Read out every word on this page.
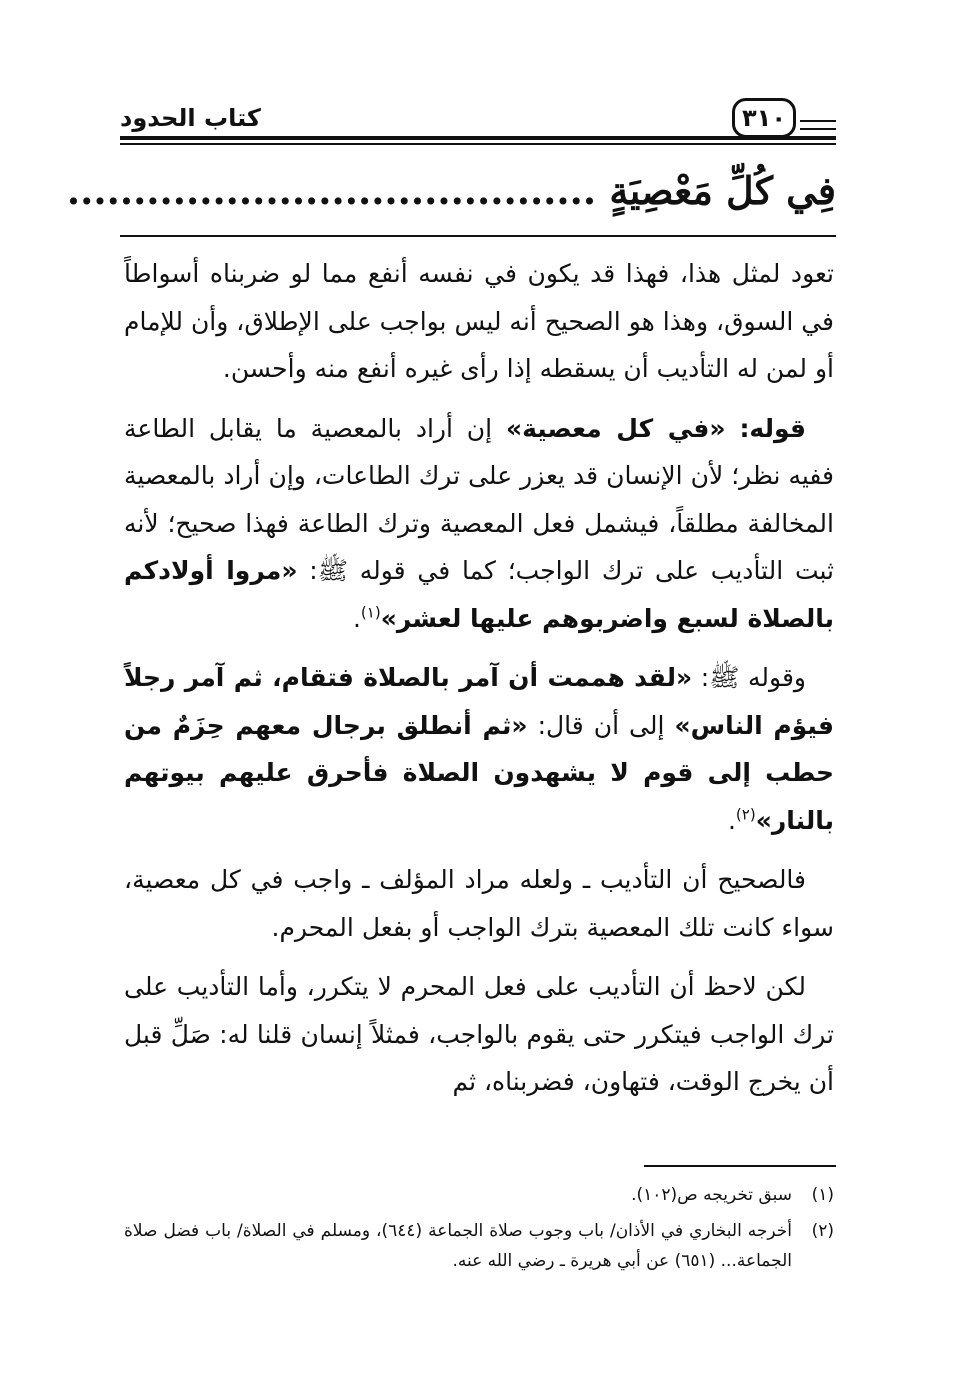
كتاب الحدود	٣١٠
فِي كُلِّ مَعْصِيَةٍ ........................................

تعود لمثل هذا، فهذا قد يكون في نفسه أنفع مما لو ضربناه أسواطاً في السوق، وهذا هو الصحيح أنه ليس بواجب على الإطلاق، وأن للإمام أو لمن له التأديب أن يسقطه إذا رأى غيره أنفع منه وأحسن.

قوله: «في كل معصية» إن أراد بالمعصية ما يقابل الطاعة ففيه نظر؛ لأن الإنسان قد يعزر على ترك الطاعات، وإن أراد بالمعصية المخالفة مطلقاً، فيشمل فعل المعصية وترك الطاعة فهذا صحيح؛ لأنه ثبت التأديب على ترك الواجب؛ كما في قوله ﷺ: «مروا أولادكم بالصلاة لسبع واضربوهم عليها لعشر»$^{(١)}$.

وقوله ﷺ: «لقد هممت أن آمر بالصلاة فتقام، ثم آمر رجلاً فيؤم الناس» إلى أن قال: «ثم أنطلق برجال معهم حِزَمٌ من حطب إلى قوم لا يشهدون الصلاة فأحرق عليهم بيوتهم بالنار»$^{(٢)}$.

فالصحيح أن التأديب ـ ولعله مراد المؤلف ـ واجب في كل معصية، سواء كانت تلك المعصية بترك الواجب أو بفعل المحرم.

لكن لاحظ أن التأديب على فعل المحرم لا يتكرر، وأما التأديب على ترك الواجب فيتكرر حتى يقوم بالواجب، فمثلاً إنسان قلنا له: صَلِّ قبل أن يخرج الوقت، فتهاون، فضربناه، ثم

(١)
سبق تخريجه ص(١٠٢).
(٢)
أخرجه البخاري في الأذان/ باب وجوب صلاة الجماعة (٦٤٤)، ومسلم في الصلاة/ باب فضل صلاة الجماعة... (٦٥١) عن أبي هريرة ـ رضي الله عنه.
